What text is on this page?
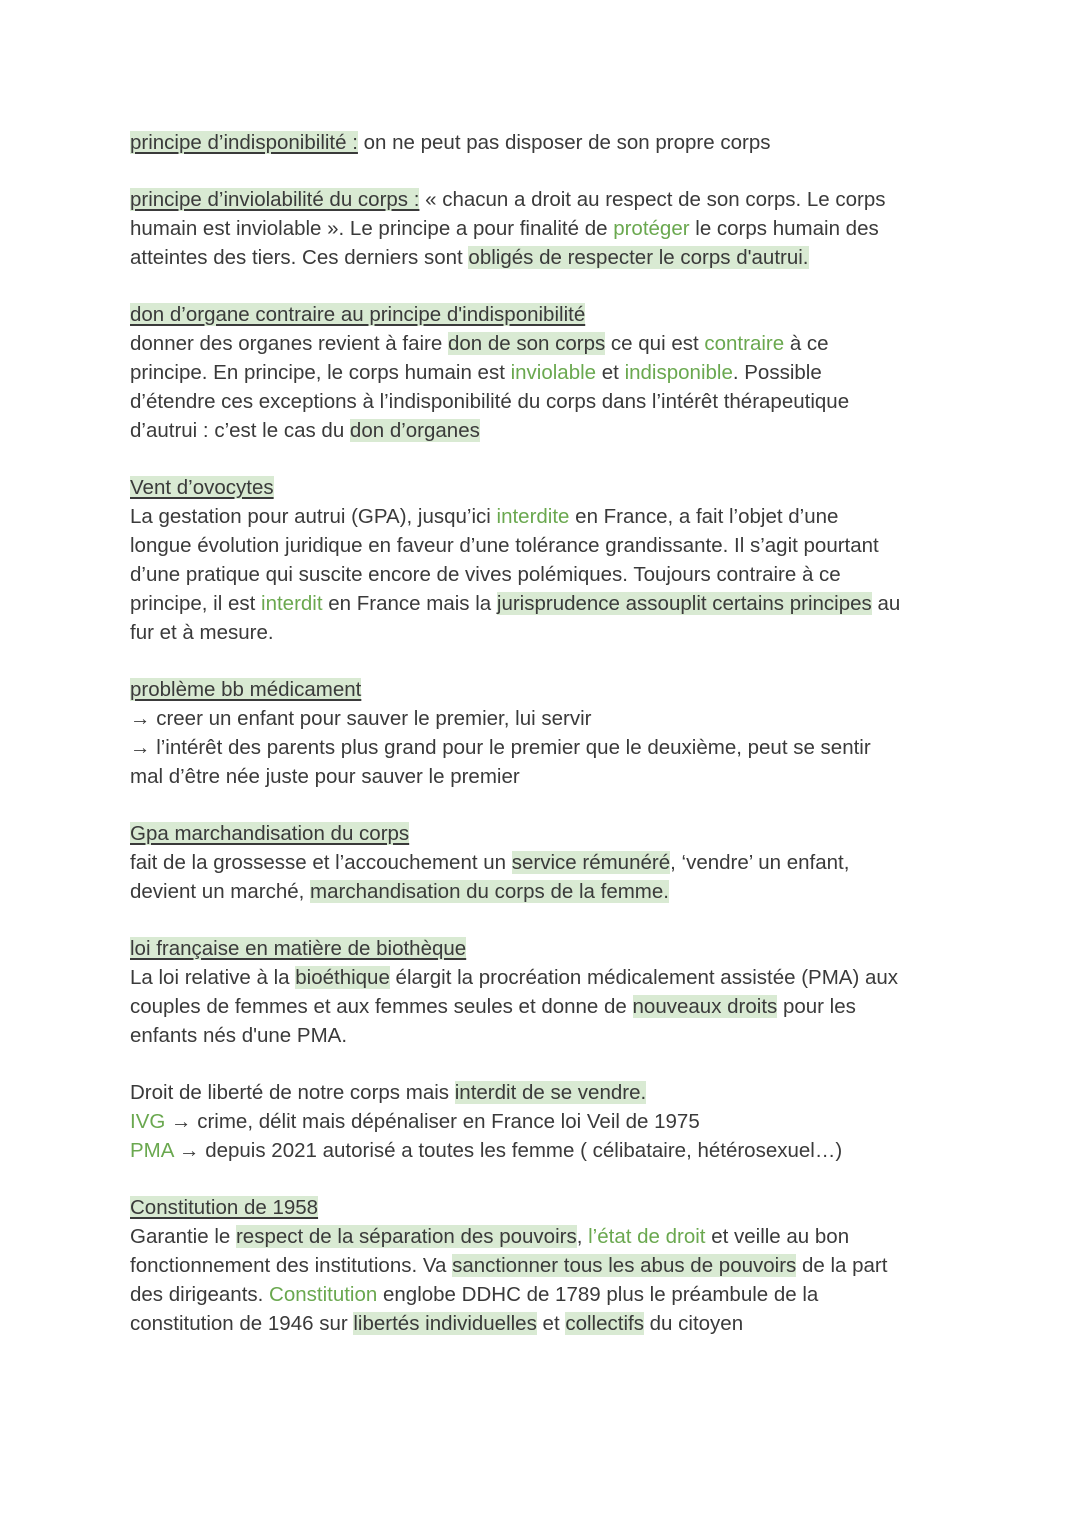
principe d’indisponibilité : on ne peut pas disposer de son propre corps
principe d’inviolabilité du corps : « chacun a droit au respect de son corps. Le corps
humain est inviolable ». Le principe a pour finalité de protéger le corps humain des
atteintes des tiers. Ces derniers sont obligés de respecter le corps d'autrui.
don d’organe contraire au principe d'indisponibilité
donner des organes revient à faire don de son corps ce qui est contraire à ce
principe. En principe, le corps humain est inviolable et indisponible. Possible
d’étendre ces exceptions à l’indisponibilité du corps dans l’intérêt thérapeutique
d’autrui : c’est le cas du don d’organes
Vent d’ovocytes
La gestation pour autrui (GPA), jusqu’ici interdite en France, a fait l’objet d’une
longue évolution juridique en faveur d’une tolérance grandissante. Il s’agit pourtant
d’une pratique qui suscite encore de vives polémiques. Toujours contraire à ce
principe, il est interdit en France mais la jurisprudence assouplit certains principes au
fur et à mesure.
problème bb médicament
→ creer un enfant pour sauver le premier, lui servir
→ l’intérêt des parents plus grand pour le premier que le deuxième, peut se sentir
mal d’être née juste pour sauver le premier
Gpa marchandisation du corps
fait de la grossesse et l’accouchement un service rémunéré, ‘vendre’ un enfant,
devient un marché, marchandisation du corps de la femme.
loi française en matière de biothèque
La loi relative à la bioéthique élargit la procréation médicalement assistée (PMA) aux
couples de femmes et aux femmes seules et donne de nouveaux droits pour les
enfants nés d'une PMA.
Droit de liberté de notre corps mais interdit de se vendre.
IVG → crime, délit mais dépénaliser en France loi Veil de 1975
PMA → depuis 2021 autorisé a toutes les femme ( célibataire, hétérosexuel…)
Constitution de 1958
Garantie le respect de la séparation des pouvoirs, l’état de droit et veille au bon
fonctionnement des institutions. Va sanctionner tous les abus de pouvoirs de la part
des dirigeants. Constitution englobe DDHC de 1789 plus le préambule de la
constitution de 1946 sur libertés individuelles et collectifs du citoyen
